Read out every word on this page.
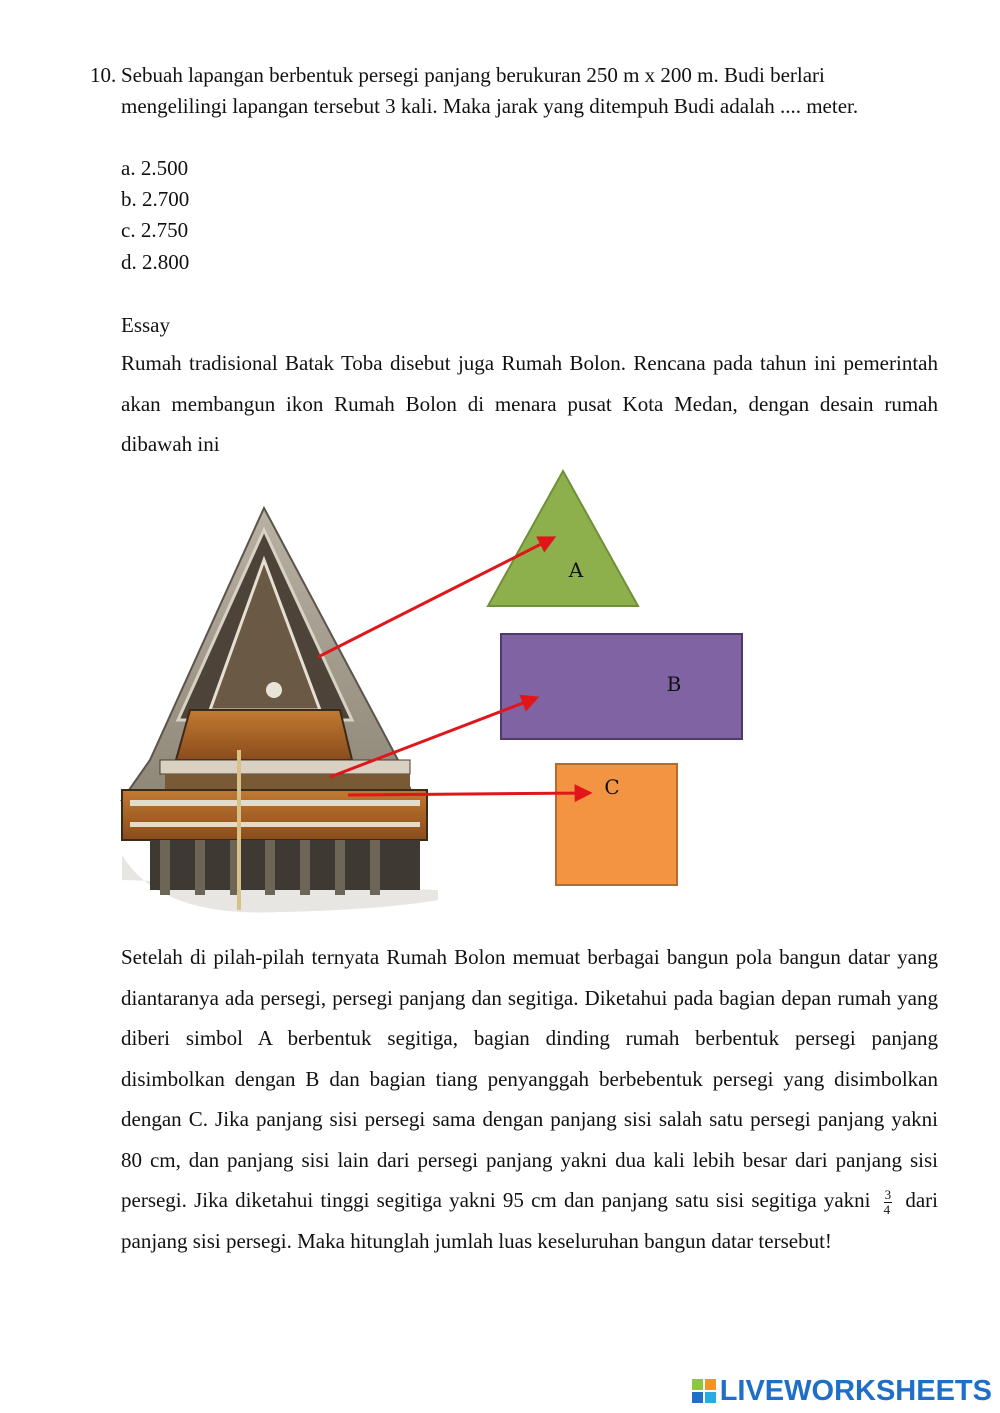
10. Sebuah lapangan berbentuk persegi panjang berukuran 250 m x 200 m. Budi berlari mengelilingi lapangan tersebut 3 kali. Maka jarak yang ditempuh Budi adalah .... meter.
a. 2.500
b. 2.700
c. 2.750
d. 2.800
Essay
Rumah tradisional Batak Toba disebut juga Rumah Bolon. Rencana pada tahun ini pemerintah akan membangun ikon Rumah Bolon di menara pusat Kota Medan, dengan desain rumah dibawah ini
A
B
C
Setelah di pilah-pilah ternyata Rumah Bolon memuat berbagai bangun pola bangun datar yang diantaranya ada persegi, persegi panjang dan segitiga. Diketahui pada bagian depan rumah yang diberi simbol A berbentuk segitiga, bagian dinding rumah berbentuk persegi panjang disimbolkan dengan B dan bagian tiang penyanggah berbebentuk persegi yang disimbolkan dengan C. Jika panjang sisi persegi sama dengan panjang sisi salah satu persegi panjang yakni 80 cm, dan panjang sisi lain dari persegi panjang yakni dua kali lebih besar dari panjang sisi persegi. Jika diketahui tinggi segitiga yakni 95 cm dan panjang satu sisi segitiga yakni $\frac{3}{4}$ dari panjang sisi persegi. Maka hitunglah jumlah luas keseluruhan bangun datar tersebut!
LIVEWORKSHEETS
